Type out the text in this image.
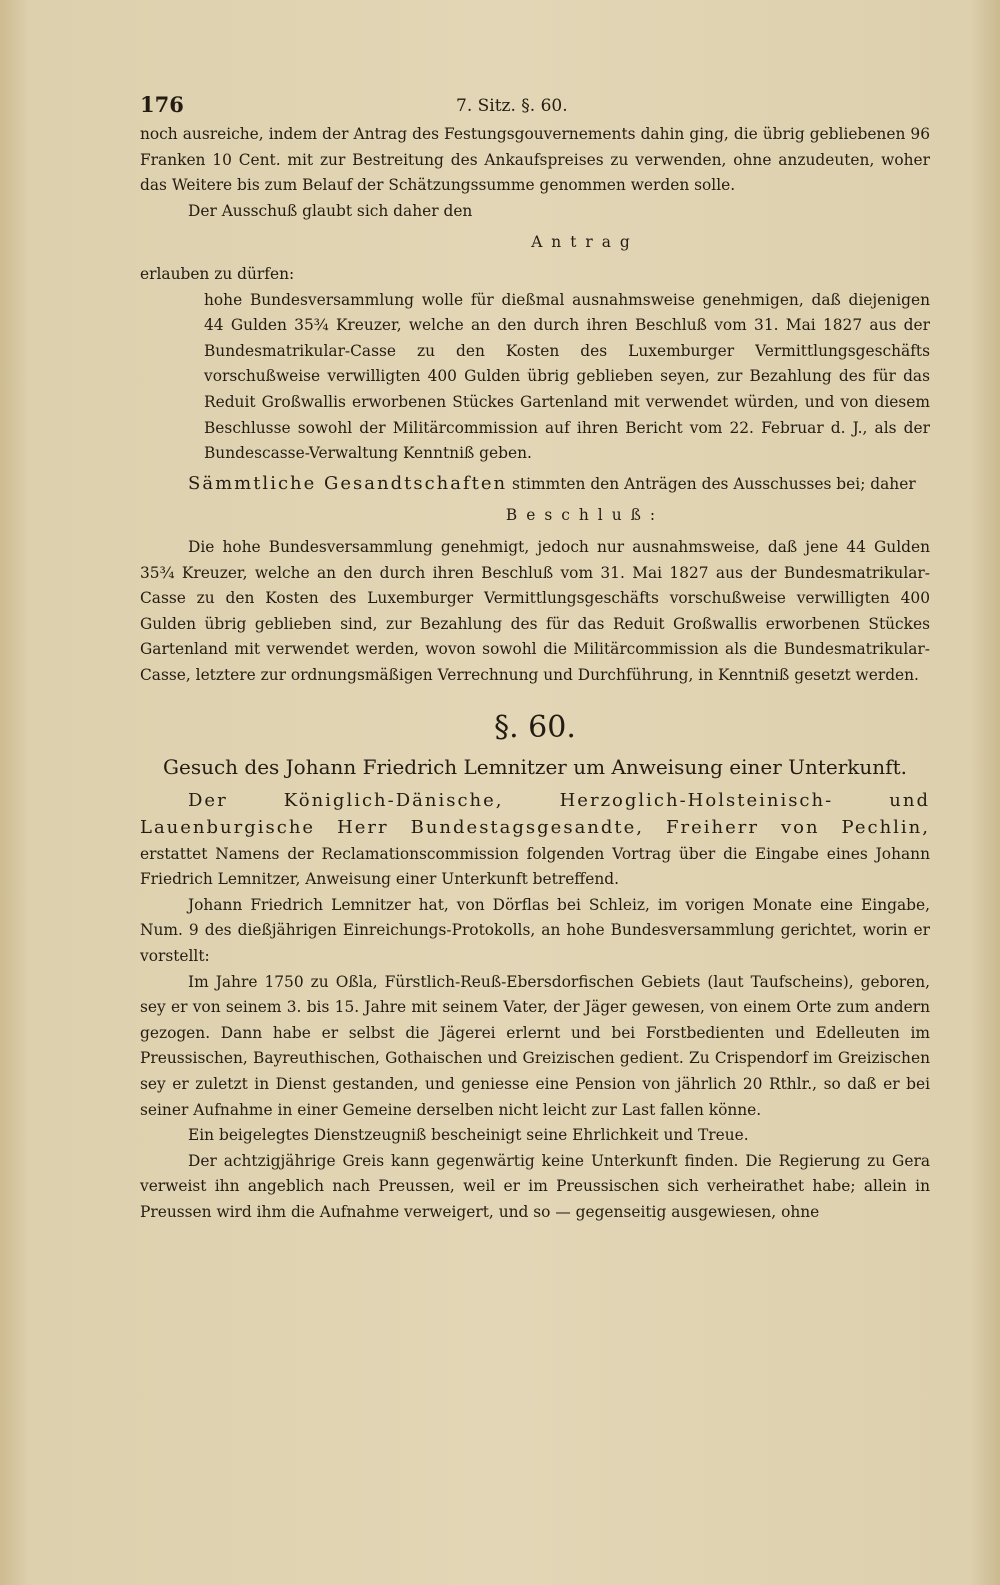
176	7. Sitz. §. 60.

noch ausreiche, indem der Antrag des Festungsgouvernements dahin ging, die übrig gebliebenen 96 Franken 10 Cent. mit zur Bestreitung des Ankaufspreises zu verwenden, ohne anzudeuten, woher das Weitere bis zum Belauf der Schätzungssumme genommen werden solle.

Der Ausschuß glaubt sich daher den

Antrag

erlauben zu dürfen:

hohe Bundesversammlung wolle für dießmal ausnahmsweise genehmigen, daß diejenigen 44 Gulden 35¾ Kreuzer, welche an den durch ihren Beschluß vom 31. Mai 1827 aus der Bundesmatrikular-Casse zu den Kosten des Luxemburger Vermittlungsgeschäfts vorschußweise verwilligten 400 Gulden übrig geblieben seyen, zur Bezahlung des für das Reduit Großwallis erworbenen Stückes Gartenland mit verwendet würden, und von diesem Beschlusse sowohl der Militärcommission auf ihren Bericht vom 22. Februar d. J., als der Bundescasse-Verwaltung Kenntniß geben.

Sämmtliche Gesandtschaften stimmten den Anträgen des Ausschusses bei; daher

Beschluß:

Die hohe Bundesversammlung genehmigt, jedoch nur ausnahmsweise, daß jene 44 Gulden 35¾ Kreuzer, welche an den durch ihren Beschluß vom 31. Mai 1827 aus der Bundesmatrikular-Casse zu den Kosten des Luxemburger Vermittlungsgeschäfts vorschußweise verwilligten 400 Gulden übrig geblieben sind, zur Bezahlung des für das Reduit Großwallis erworbenen Stückes Gartenland mit verwendet werden, wovon sowohl die Militärcommission als die Bundesmatrikular-Casse, letztere zur ordnungsmäßigen Verrechnung und Durchführung, in Kenntniß gesetzt werden.

§. 60.
Gesuch des Johann Friedrich Lemnitzer um Anweisung einer Unterkunft.

Der Königlich-Dänische, Herzoglich-Holsteinisch- und Lauenburgische Herr Bundestagsgesandte, Freiherr von Pechlin, erstattet Namens der Reclamationscommission folgenden Vortrag über die Eingabe eines Johann Friedrich Lemnitzer, Anweisung einer Unterkunft betreffend.

Johann Friedrich Lemnitzer hat, von Dörflas bei Schleiz, im vorigen Monate eine Eingabe, Num. 9 des dießjährigen Einreichungs-Protokolls, an hohe Bundesversammlung gerichtet, worin er vorstellt:

Im Jahre 1750 zu Oßla, Fürstlich-Reuß-Ebersdorfischen Gebiets (laut Taufscheins), geboren, sey er von seinem 3. bis 15. Jahre mit seinem Vater, der Jäger gewesen, von einem Orte zum andern gezogen. Dann habe er selbst die Jägerei erlernt und bei Forstbedienten und Edelleuten im Preussischen, Bayreuthischen, Gothaischen und Greizischen gedient. Zu Crispendorf im Greizischen sey er zuletzt in Dienst gestanden, und geniesse eine Pension von jährlich 20 Rthlr., so daß er bei seiner Aufnahme in einer Gemeine derselben nicht leicht zur Last fallen könne.

Ein beigelegtes Dienstzeugniß bescheinigt seine Ehrlichkeit und Treue.

Der achtzigjährige Greis kann gegenwärtig keine Unterkunft finden. Die Regierung zu Gera verweist ihn angeblich nach Preussen, weil er im Preussischen sich verheirathet habe; allein in Preussen wird ihm die Aufnahme verweigert, und so — gegenseitig ausgewiesen, ohne
